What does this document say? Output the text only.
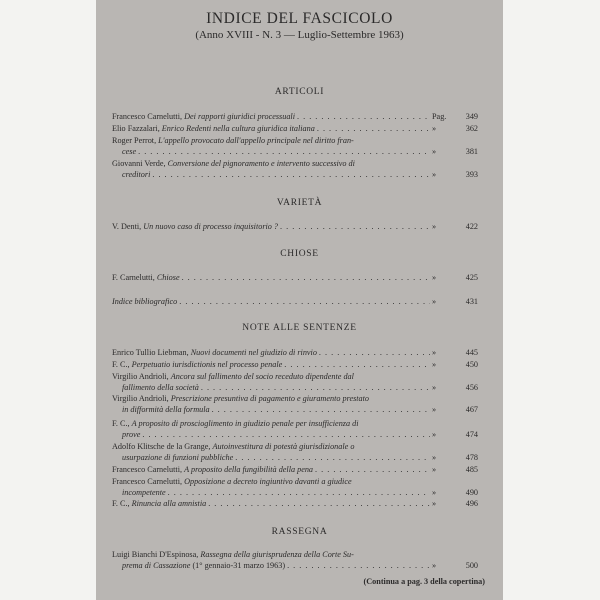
INDICE DEL FASCICOLO
(Anno XVIII - N. 3 — Luglio-Settembre 1963)
ARTICOLI
Francesco Carnelutti, Dei rapporti giuridici processuali . . .	Pag.	349
Elio Fazzalari, Enrico Redenti nella cultura giuridica italiana . . .	»	362
Roger Perrot, L'appello provocato dall'appello principale nel diritto fran-
cese . . .	»	381
Giovanni Verde, Conversione del pignoramento e intervento successivo di
creditori . . .	»	393
VARIETÀ
V. Denti, Un nuovo caso di processo inquisitorio ? . . .	»	422
CHIOSE
F. Carnelutti, Chiose . . .	»	425
Indice bibliografico . . .	»	431
NOTE ALLE SENTENZE
Enrico Tullio Liebman, Nuovi documenti nel giudizio di rinvio . . .	»	445
F. C., Perpetuatio iurisdictionis nel processo penale . . .	»	450
Virgilio Andrioli, Ancora sul fallimento del socio receduto dipendente dal
fallimento della società . . .	»	456
Virgilio Andrioli, Prescrizione presuntiva di pagamento e giuramento prestato
in difformità della formula . . .	»	467
F. C., A proposito di proscioglimento in giudizio penale per insufficienza di
prove . . .	»	474
Adolfo Klitsche de la Grange, Autoinvestitura di potestà giurisdizionale o
usurpazione di funzioni pubbliche . . .	»	478
Francesco Carnelutti, A proposito della fungibilità della pena . . .	»	485
Francesco Carnelutti, Opposizione a decreto ingiuntivo davanti a giudice
incompetente . . .	»	490
F. C., Rinuncia alla amnistia . . .	»	496
RASSEGNA
Luigi Bianchi D'Espinosa, Rassegna della giurisprudenza della Corte Su-
prema di Cassazione (1° gennaio-31 marzo 1963) . . .	»	500
(Continua a pag. 3 della copertina)
